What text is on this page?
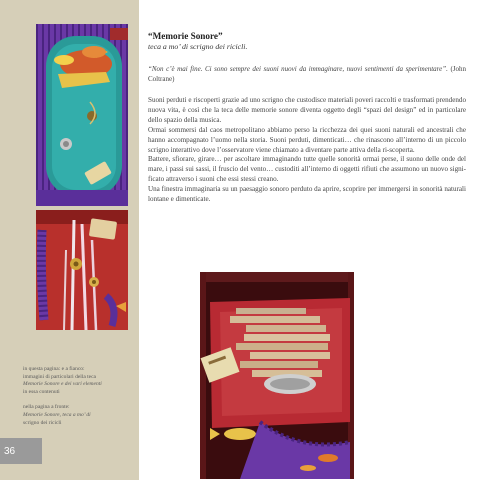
in questa pagina: e a fianco:

immagini di particolari della teca

Memorie Sonore e dei vari elementi

in essa contenuti

nella pagina a fronte:

Memorie Sonore, teca a mo’ di

scrigno dei ricicli

36
“Memorie Sonore”

teca a mo’ di scrigno dei ricicli.

“Non c’è mai fine. Ci sono sempre dei suoni nuovi da immaginare, nuovi sentimenti da sperimentare”. (John Coltrane)

Suoni perduti e riscoperti grazie ad uno scrigno che custodisce materiali poveri raccolti e trasformati prendendo nuova vita, è così che la teca delle memorie sonore diventa oggetto degli “spazi del design” ed in particolare dello spazio della musica.

Ormai sommersi dal caos metropolitano abbiamo perso la ricchezza dei quei suoni naturali ed ancestrali che hanno accompagnato l’uomo nella storia. Suoni perduti, dimenticati… che rinascono all’interno di un piccolo scrigno interattivo dove l’osservatore viene chiamato a diventare parte attiva della ri-scoperta.

Battere, sfiorare, girare… per ascoltare immaginando tutte quelle sonorità ormai perse, il suono delle onde del mare, i passi sui sassi, il fruscio del vento… custoditi all’interno di oggetti rifiuti che assumono un nuovo signi-ficato attraverso i suoni che essi stessi creano.

Una finestra immaginaria su un paesaggio sonoro perduto da aprire, scoprire per immergersi in sonorità naturali lontane e dimenticate.
